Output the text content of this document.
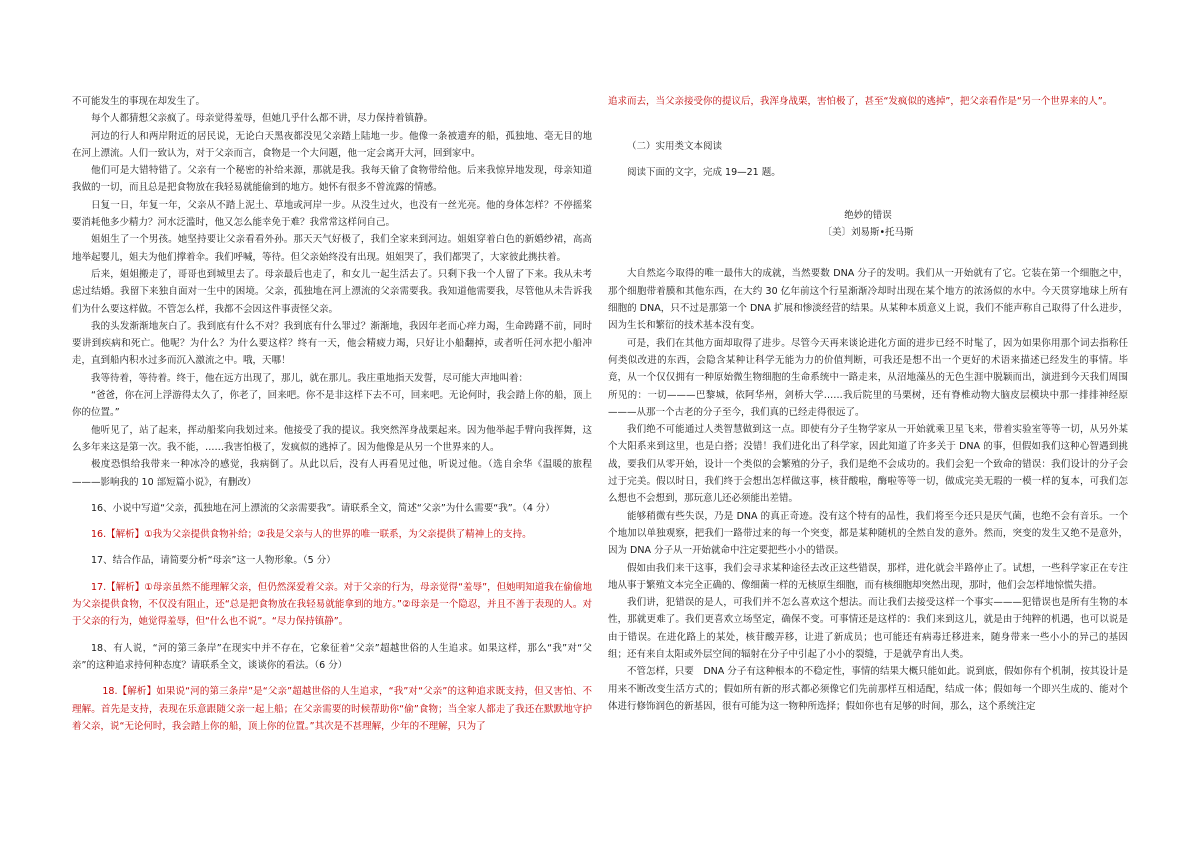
不可能发生的事现在却发生了。

每个人都猜想父亲疯了。母亲觉得羞辱，但她几乎什么都不讲，尽力保持着镇静。

河边的行人和两岸附近的居民说，无论白天黑夜都没见父亲踏上陆地一步。他像一条被遗弃的船，孤独地、毫无目的地在河上漂流。人们一致认为，对于父亲而言，食物是一个大问题，他一定会离开大河，回到家中。

他们可是大错特错了。父亲有一个秘密的补给来源，那就是我。我每天偷了食物带给他。后来我惊异地发现，母亲知道我做的一切，而且总是把食物放在我轻易就能偷到的地方。她怀有很多不曾流露的情感。

日复一日，年复一年，父亲从不踏上泥土、草地或河岸一步。从没生过火，也没有一丝光亮。他的身体怎样？不停摇桨要消耗他多少精力？河水泛滥时，他又怎么能幸免于难？我常常这样问自己。

姐姐生了一个男孩。她坚持要让父亲看看外孙。那天天气好极了，我们全家来到河边。姐姐穿着白色的新婚纱裙，高高地举起婴儿，姐夫为他们撑着伞。我们呼喊，等待。但父亲始终没有出现。姐姐哭了，我们都哭了，大家彼此携扶着。

后来，姐姐搬走了，哥哥也到城里去了。母亲最后也走了，和女儿一起生活去了。只剩下我一个人留了下来。我从未考虑过结婚。我留下来独自面对一生中的困境。父亲，孤独地在河上漂流的父亲需要我。我知道他需要我，尽管他从未告诉我们为什么要这样做。不管怎么样，我都不会因这件事责怪父亲。

我的头发渐渐地灰白了。我到底有什么不对？我到底有什么罪过？渐渐地，我因年老而心痒力竭，生命踌躇不前，同时要讲到疾病和死亡。他呢？为什么？为什么要这样？终有一天，他会精疲力竭，只好让小船翻掉，或者听任河水把小船冲走，直到船内积水过多而沉入激流之中。哦，天哪！

我等待着，等待着。终于，他在远方出现了，那儿，就在那儿。我庄重地指天发誓，尽可能大声地叫着：

“爸爸，你在河上浮游得太久了，你老了，回来吧。你不是非这样下去不可，回来吧。无论何时，我会踏上你的船，顶上你的位置。”

他听见了，站了起来，挥动船桨向我划过来。他接受了我的提议。我突然浑身战栗起来。因为他举起手臂向我挥舞，这么多年来这是第一次。我不能，……我害怕极了，发疯似的逃掉了。因为他像是从另一个世界来的人。

极度恐惧给我带来一种冰冷的感觉，我病倒了。从此以后，没有人再看见过他，听说过他。（选自余华《温暖的旅程———影响我的 10 部短篇小说》，有删改）

16、小说中写道“父亲，孤独地在河上漂流的父亲需要我”。请联系全文，简述“父亲”为什么需要“我”。（4 分）

16.【解析】①我为父亲提供食物补给；②我是父亲与人的世界的唯一联系，为父亲提供了精神上的支持。

17、结合作品，请简要分析“母亲”这一人物形象。（5 分）

17.【解析】①母亲虽然不能理解父亲，但仍然深爱着父亲。对于父亲的行为，母亲觉得“羞辱”，但她明知道我在偷偷地为父亲提供食物，不仅没有阻止，还“总是把食物放在我轻易就能拿到的地方。”②母亲是一个隐忍，并且不善于表现的人。对于父亲的行为，她觉得羞辱，但“什么也不说”。“尽力保持镇静”。

18、有人说，“河的第三条岸”在现实中并不存在，它象征着“父亲”超越世俗的人生追求。如果这样，那么“我”对“父亲”的这种追求持何种态度？请联系全文，谈谈你的看法。（6 分）

18.【解析】如果说“河的第三条岸”是“父亲”超越世俗的人生追求，“我”对“父亲”的这种追求既支持，但又害怕、不理解。首先是支持，表现在乐意跟随父亲一起上船；在父亲需要的时候帮助你“偷”食物；当全家人都走了我还在默默地守护着父亲，说“无论何时，我会踏上你的船，顶上你的位置。”其次是不甚理解，少年的不理解，只为了

追求而去，当父亲接受你的提议后，我浑身战栗，害怕极了，甚至“发疯似的逃掉”，把父亲看作是“另一个世界来的人”。

（二）实用类文本阅读

阅读下面的文字，完成 19—21 题。

绝妙的错误

〔美〕刘易斯•托马斯

大自然迄今取得的唯一最伟大的成就，当然要数 DNA 分子的发明。我们从一开始就有了它。它装在第一个细胞之中，那个细胞带着膜和其他东西，在大约 30 亿年前这个行星渐渐冷却时出现在某个地方的浓汤似的水中。今天贯穿地球上所有细胞的 DNA，只不过是那第一个 DNA 扩展和惨淡经营的结果。从某种本质意义上说，我们不能声称自己取得了什么进步，因为生长和繁衍的技术基本没有变。

可是，我们在其他方面却取得了进步。尽管今天再来谈论进化方面的进步已经不时髦了，因为如果你用那个词去指称任何类似改进的东西，会隐含某种让科学无能为力的价值判断，可我还是想不出一个更好的术语来描述已经发生的事情。毕竟，从一个仅仅拥有一种原始微生物细胞的生命系统中一路走来，从沼地藻丛的无色生涯中脱颖而出，演进到今天我们周围所见的：一切———巴黎城，依阿华州，剑桥大学……我后院里的马栗树，还有脊椎动物大脑皮层模块中那一排排神经原———从那一个古老的分子至今，我们真的已经走得很远了。

我们绝不可能通过人类智慧做到这一点。即使有分子生物学家从一开始就乘卫星飞来，带着实验室等等一切，从另外某个大阳系来到这里，也是白搭；没错！我们进化出了科学家，因此知道了许多关于 DNA 的事，但假如我们这种心智遇到挑战，要我们从零开始，设计一个类似的会繁殖的分子，我们是绝不会成功的。我们会犯一个致命的错误：我们设计的分子会过于完美。假以时日，我们终于会想出怎样做这事，核苷酸啦，酶啦等等一切，做成完美无瑕的一模一样的复本，可我们怎么想也不会想到，那玩意儿还必须能出差错。

能够稍微有些失误，乃是 DNA 的真正奇迹。没有这个特有的品性，我们将至今还只是厌气菌，也绝不会有音乐。一个个地加以单独观察，把我们一路带过来的每一个突变，都是某种随机的全然自发的意外。然而，突变的发生又绝不是意外，因为 DNA 分子从一开始就命中注定要把些小小的错误。

假如由我们来干这事，我们会寻求某种途径去改正这些错误，那样，进化就会半路停止了。试想，一些科学家正在专注地从事于繁殖文本完全正确的、像细菌一样的无核原生细胞，而有核细胞却突然出现，那时，他们会怎样地惊慌失措。

我们讲，犯错误的是人，可我们并不怎么喜欢这个想法。而让我们去接受这样一个事实———犯错误也是所有生物的本性，那就更难了。我们更喜欢立场坚定，确保不变。可事情还是这样的：我们来到这儿，就是由于纯粹的机遇，也可以说是由于错误。在进化路上的某处，核苷酸弄移，让进了新成员；也可能还有病毒迁移进来，随身带来一些小小的异己的基因组；还有来自太阳或外层空间的辐射在分子中引起了小小的裂缝，于是就孕育出人类。

不管怎样，只要　DNA 分子有这种根本的不稳定性，事情的结果大概只能如此。说到底，假如你有个机制，按其设计是用来不断改变生活方式的；假如所有新的形式都必须像它们先前那样互相适配，结成一体；假如每一个即兴生成的、能对个体进行修饰润色的新基因，很有可能为这一物种所选择；假如你也有足够的时间，那么，这个系统注定
